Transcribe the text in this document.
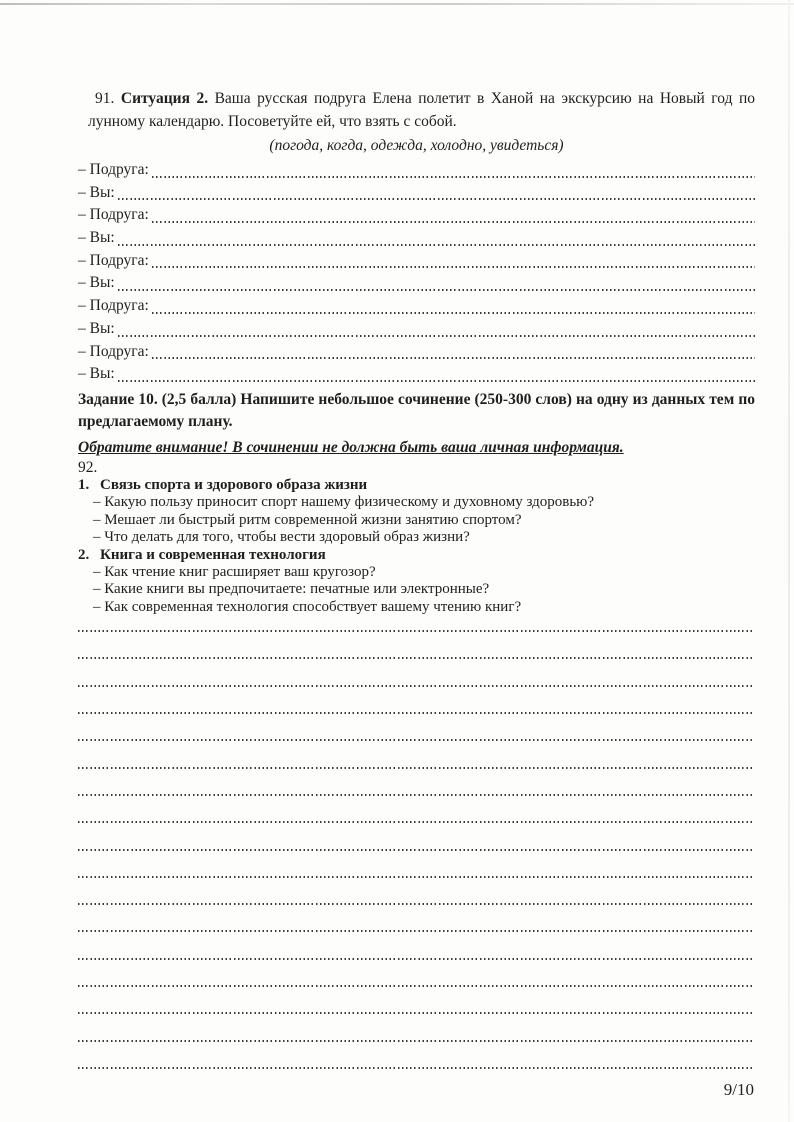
91. Ситуация 2. Ваша русская подруга Елена полетит в Ханой на экскурсию на Новый год по лунному календарю. Посоветуйте ей, что взять с собой.

(погода, когда, одежда, холодно, увидеться)
– Подруга:
– Вы:
– Подруга:
– Вы:
– Подруга:
– Вы:
– Подруга:
– Вы:
– Подруга:
– Вы:

Задание 10. (2,5 балла) Напишите небольшое сочинение (250-300 слов) на одну из данных тем по предлагаемому плану.

Обратите внимание! В сочинении не должна быть ваша личная информация.

92.
1. Связь спорта и здорового образа жизни
– Какую пользу приносит спорт нашему физическому и духовному здоровью?
– Мешает ли быстрый ритм современной жизни занятию спортом?
– Что делать для того, чтобы вести здоровый образ жизни?
2. Книга и современная технология
– Как чтение книг расширяет ваш кругозор?
– Какие книги вы предпочитаете: печатные или электронные?
– Как современная технология способствует вашему чтению книг?
9/10
